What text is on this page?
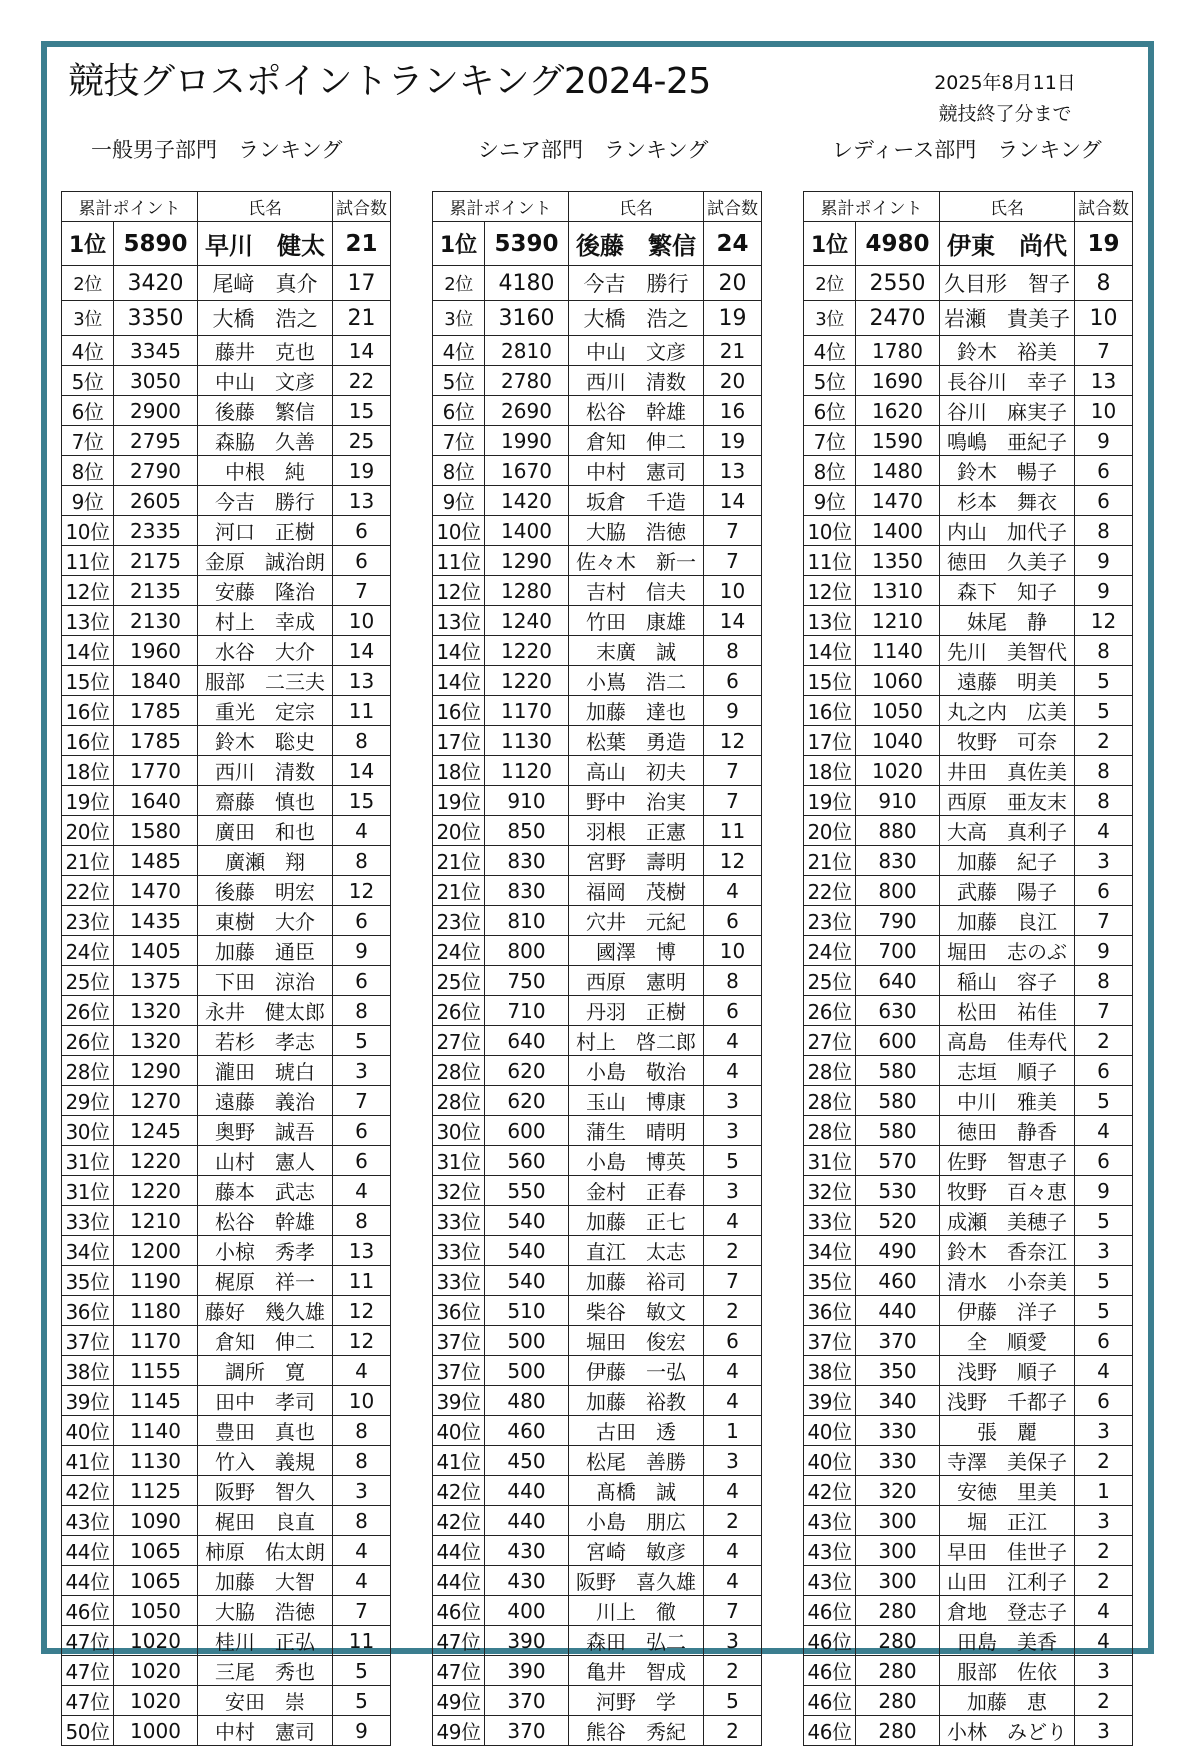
競技グロスポイントランキング2024-25	2025年8月11日
競技終了分まで
一般男子部門　ランキング	シニア部門　ランキング	レディース部門　ランキング
累計ポイント		氏名	試合数
1位	5890	早川　健太	21
2位	3420	尾﨑　真介	17
3位	3350	大橋　浩之	21
4位	3345	藤井　克也	14
5位	3050	中山　文彦	22
6位	2900	後藤　繁信	15
7位	2795	森脇　久善	25
8位	2790	中根　純	19
9位	2605	今吉　勝行	13
10位	2335	河口　正樹	6
11位	2175	金原　誠治朗	6
12位	2135	安藤　隆治	7
13位	2130	村上　幸成	10
14位	1960	水谷　大介	14
15位	1840	服部　二三夫	13
16位	1785	重光　定宗	11
16位	1785	鈴木　聡史	8
18位	1770	西川　清数	14
19位	1640	齋藤　慎也	15
20位	1580	廣田　和也	4
21位	1485	廣瀬　翔	8
22位	1470	後藤　明宏	12
23位	1435	東樹　大介	6
24位	1405	加藤　通臣	9
25位	1375	下田　涼治	6
26位	1320	永井　健太郎	8
26位	1320	若杉　孝志	5
28位	1290	瀧田　琥白	3
29位	1270	遠藤　義治	7
30位	1245	奥野　誠吾	6
31位	1220	山村　憲人	6
31位	1220	藤本　武志	4
33位	1210	松谷　幹雄	8
34位	1200	小椋　秀孝	13
35位	1190	梶原　祥一	11
36位	1180	藤好　幾久雄	12
37位	1170	倉知　伸二	12
38位	1155	調所　寛	4
39位	1145	田中　孝司	10
40位	1140	豊田　真也	8
41位	1130	竹入　義規	8
42位	1125	阪野　智久	3
43位	1090	梶田　良直	8
44位	1065	柿原　佑太朗	4
44位	1065	加藤　大智	4
46位	1050	大脇　浩徳	7
47位	1020	桂川　正弘	11
47位	1020	三尾　秀也	5
47位	1020	安田　崇	5
50位	1000	中村　憲司	9
累計ポイント		氏名	試合数
1位	5390	後藤　繁信	24
2位	4180	今吉　勝行	20
3位	3160	大橋　浩之	19
4位	2810	中山　文彦	21
5位	2780	西川　清数	20
6位	2690	松谷　幹雄	16
7位	1990	倉知　伸二	19
8位	1670	中村　憲司	13
9位	1420	坂倉　千造	14
10位	1400	大脇　浩徳	7
11位	1290	佐々木　新一	7
12位	1280	吉村　信夫	10
13位	1240	竹田　康雄	14
14位	1220	末廣　誠	8
14位	1220	小嶌　浩二	6
16位	1170	加藤　達也	9
17位	1130	松葉　勇造	12
18位	1120	高山　初夫	7
19位	910	野中　治実	7
20位	850	羽根　正憲	11
21位	830	宮野　壽明	12
21位	830	福岡　茂樹	4
23位	810	穴井　元紀	6
24位	800	國澤　博	10
25位	750	西原　憲明	8
26位	710	丹羽　正樹	6
27位	640	村上　啓二郎	4
28位	620	小島　敬治	4
28位	620	玉山　博康	3
30位	600	蒲生　晴明	3
31位	560	小島　博英	5
32位	550	金村　正春	3
33位	540	加藤　正七	4
33位	540	直江　太志	2
33位	540	加藤　裕司	7
36位	510	柴谷　敏文	2
37位	500	堀田　俊宏	6
37位	500	伊藤　一弘	4
39位	480	加藤　裕教	4
40位	460	古田　透	1
41位	450	松尾　善勝	3
42位	440	髙橋　誠	4
42位	440	小島　朋広	2
44位	430	宮崎　敏彦	4
44位	430	阪野　喜久雄	4
46位	400	川上　徹	7
47位	390	森田　弘二	3
47位	390	亀井　智成	2
49位	370	河野　学	5
49位	370	熊谷　秀紀	2
累計ポイント		氏名	試合数
1位	4980	伊東　尚代	19
2位	2550	久目形　智子	8
3位	2470	岩瀬　貴美子	10
4位	1780	鈴木　裕美	7
5位	1690	長谷川　幸子	13
6位	1620	谷川　麻実子	10
7位	1590	鳴嶋　亜紀子	9
8位	1480	鈴木　暢子	6
9位	1470	杉本　舞衣	6
10位	1400	内山　加代子	8
11位	1350	徳田　久美子	9
12位	1310	森下　知子	9
13位	1210	妹尾　静	12
14位	1140	先川　美智代	8
15位	1060	遠藤　明美	5
16位	1050	丸之内　広美	5
17位	1040	牧野　可奈	2
18位	1020	井田　真佐美	8
19位	910	西原　亜友末	8
20位	880	大高　真利子	4
21位	830	加藤　紀子	3
22位	800	武藤　陽子	6
23位	790	加藤　良江	7
24位	700	堀田　志のぶ	9
25位	640	稲山　容子	8
26位	630	松田　祐佳	7
27位	600	高島　佳寿代	2
28位	580	志垣　順子	6
28位	580	中川　雅美	5
28位	580	徳田　静香	4
31位	570	佐野　智恵子	6
32位	530	牧野　百々恵	9
33位	520	成瀬　美穂子	5
34位	490	鈴木　香奈江	3
35位	460	清水　小奈美	5
36位	440	伊藤　洋子	5
37位	370	全　順愛	6
38位	350	浅野　順子	4
39位	340	浅野　千都子	6
40位	330	張　麗	3
40位	330	寺澤　美保子	2
42位	320	安徳　里美	1
43位	300	堀　正江	3
43位	300	早田　佳世子	2
43位	300	山田　江利子	2
46位	280	倉地　登志子	4
46位	280	田島　美香	4
46位	280	服部　佐依	3
46位	280	加藤　恵	2
46位	280	小林　みどり	3
